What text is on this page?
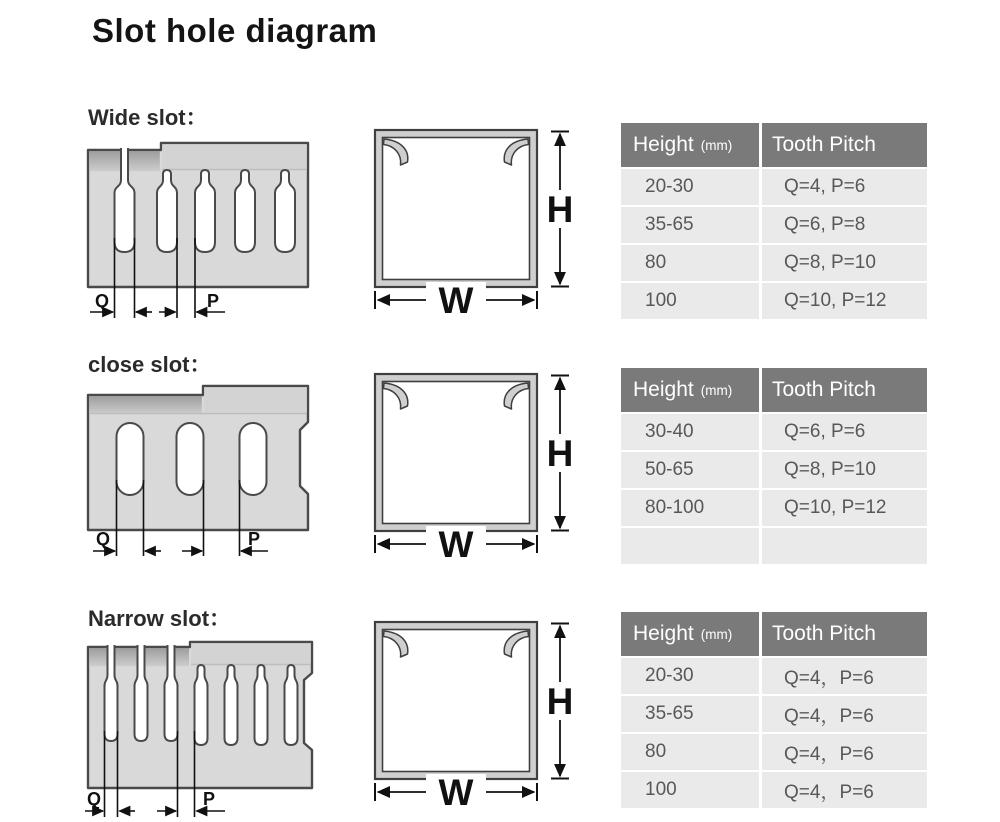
Slot hole diagram
Wide slot：
Q	P
H
W
Height (mm)	Tooth Pitch
20-30	Q=4, P=6
35-65	Q=6, P=8
80	Q=8, P=10
100	Q=10, P=12
close slot：
Q	P
H
W
Height (mm)	Tooth Pitch
30-40	Q=6, P=6
50-65	Q=8, P=10
80-100	Q=10, P=12
Narrow slot：
Q	P
H
W
Height (mm)	Tooth Pitch
20-30	Q=4，P=6
35-65	Q=4，P=6
80	Q=4，P=6
100	Q=4，P=6
